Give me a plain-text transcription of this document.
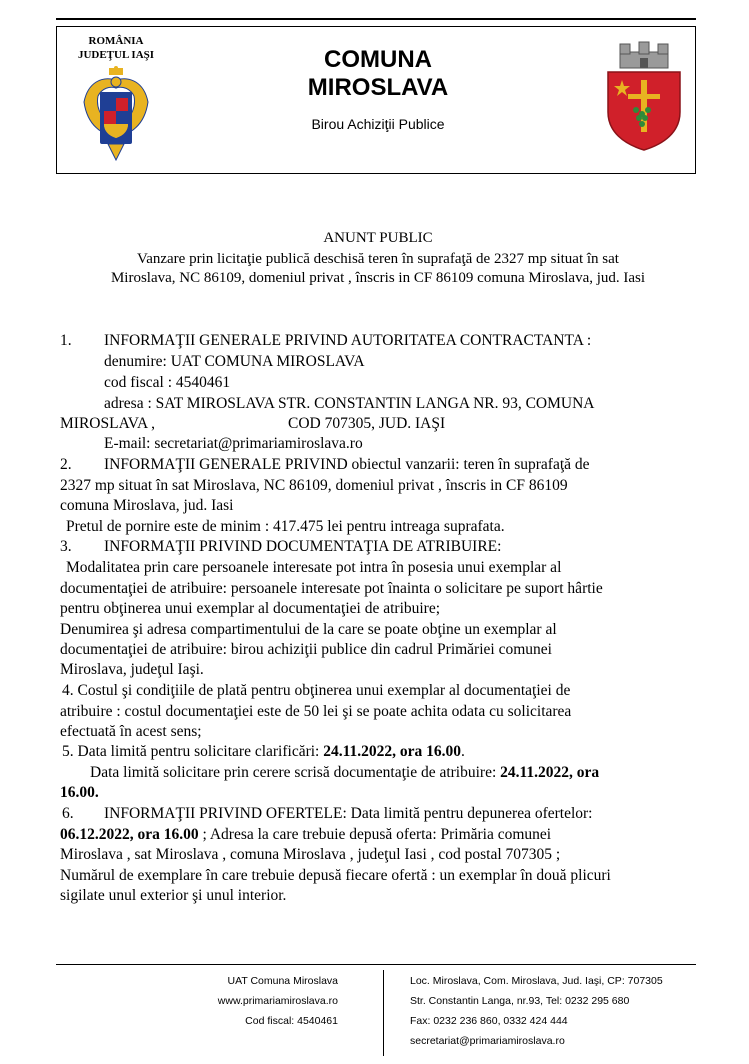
ROMÂNIA
JUDEŢUL IAŞI	COMUNA
MIROSLAVA
Birou Achiziţii Publice
ANUNT PUBLIC
Vanzare prin licitaţie publică deschisă teren în suprafaţă de 2327 mp situat în sat
Miroslava, NC 86109, domeniul privat , înscris in CF 86109 comuna Miroslava, jud. Iasi
1. INFORMAŢII GENERALE PRIVIND AUTORITATEA CONTRACTANTA :
denumire: UAT COMUNA MIROSLAVA
cod fiscal : 4540461
adresa : SAT MIROSLAVA STR. CONSTANTIN LANGA NR. 93, COMUNA
MIROSLAVA ,	COD 707305, JUD. IAŞI
E-mail: secretariat@primariamiroslava.ro
2. INFORMAŢII GENERALE PRIVIND obiectul vanzarii: teren în suprafaţă de
2327 mp situat în sat Miroslava, NC 86109, domeniul privat , înscris in CF 86109
comuna Miroslava, jud. Iasi
Pretul de pornire este de minim : 417.475 lei pentru intreaga suprafata.
3. INFORMAŢII PRIVIND DOCUMENTAŢIA DE ATRIBUIRE:
Modalitatea prin care persoanele interesate pot intra în posesia unui exemplar al
documentaţiei de atribuire: persoanele interesate pot înainta o solicitare pe suport hârtie
pentru obţinerea unui exemplar al documentaţiei de atribuire;
Denumirea şi adresa compartimentului de la care se poate obţine un exemplar al
documentaţiei de atribuire: birou achiziţii publice din cadrul Primăriei comunei
Miroslava, judeţul Iaşi.
4. Costul şi condiţiile de plată pentru obţinerea unui exemplar al documentaţiei de
atribuire : costul documentaţiei este de 50 lei şi se poate achita odata cu solicitarea
efectuată în acest sens;
5. Data limită pentru solicitare clarificări: 24.11.2022, ora 16.00.
Data limită solicitare prin cerere scrisă documentaţie de atribuire: 24.11.2022, ora
16.00.
6. INFORMAŢII PRIVIND OFERTELE: Data limită pentru depunerea ofertelor:
06.12.2022, ora 16.00 ; Adresa la care trebuie depusă oferta: Primăria comunei
Miroslava , sat Miroslava , comuna Miroslava , judeţul Iasi , cod postal 707305 ;
Numărul de exemplare în care trebuie depusă fiecare ofertă : un exemplar în două plicuri
sigilate unul exterior şi unul interior.
UAT Comuna Miroslava
www.primariamiroslava.ro
Cod fiscal: 4540461
Loc. Miroslava, Com. Miroslava, Jud. Iaşi, CP: 707305
Str. Constantin Langa, nr.93, Tel: 0232 295 680
Fax: 0232 236 860, 0332 424 444
secretariat@primariamiroslava.ro
